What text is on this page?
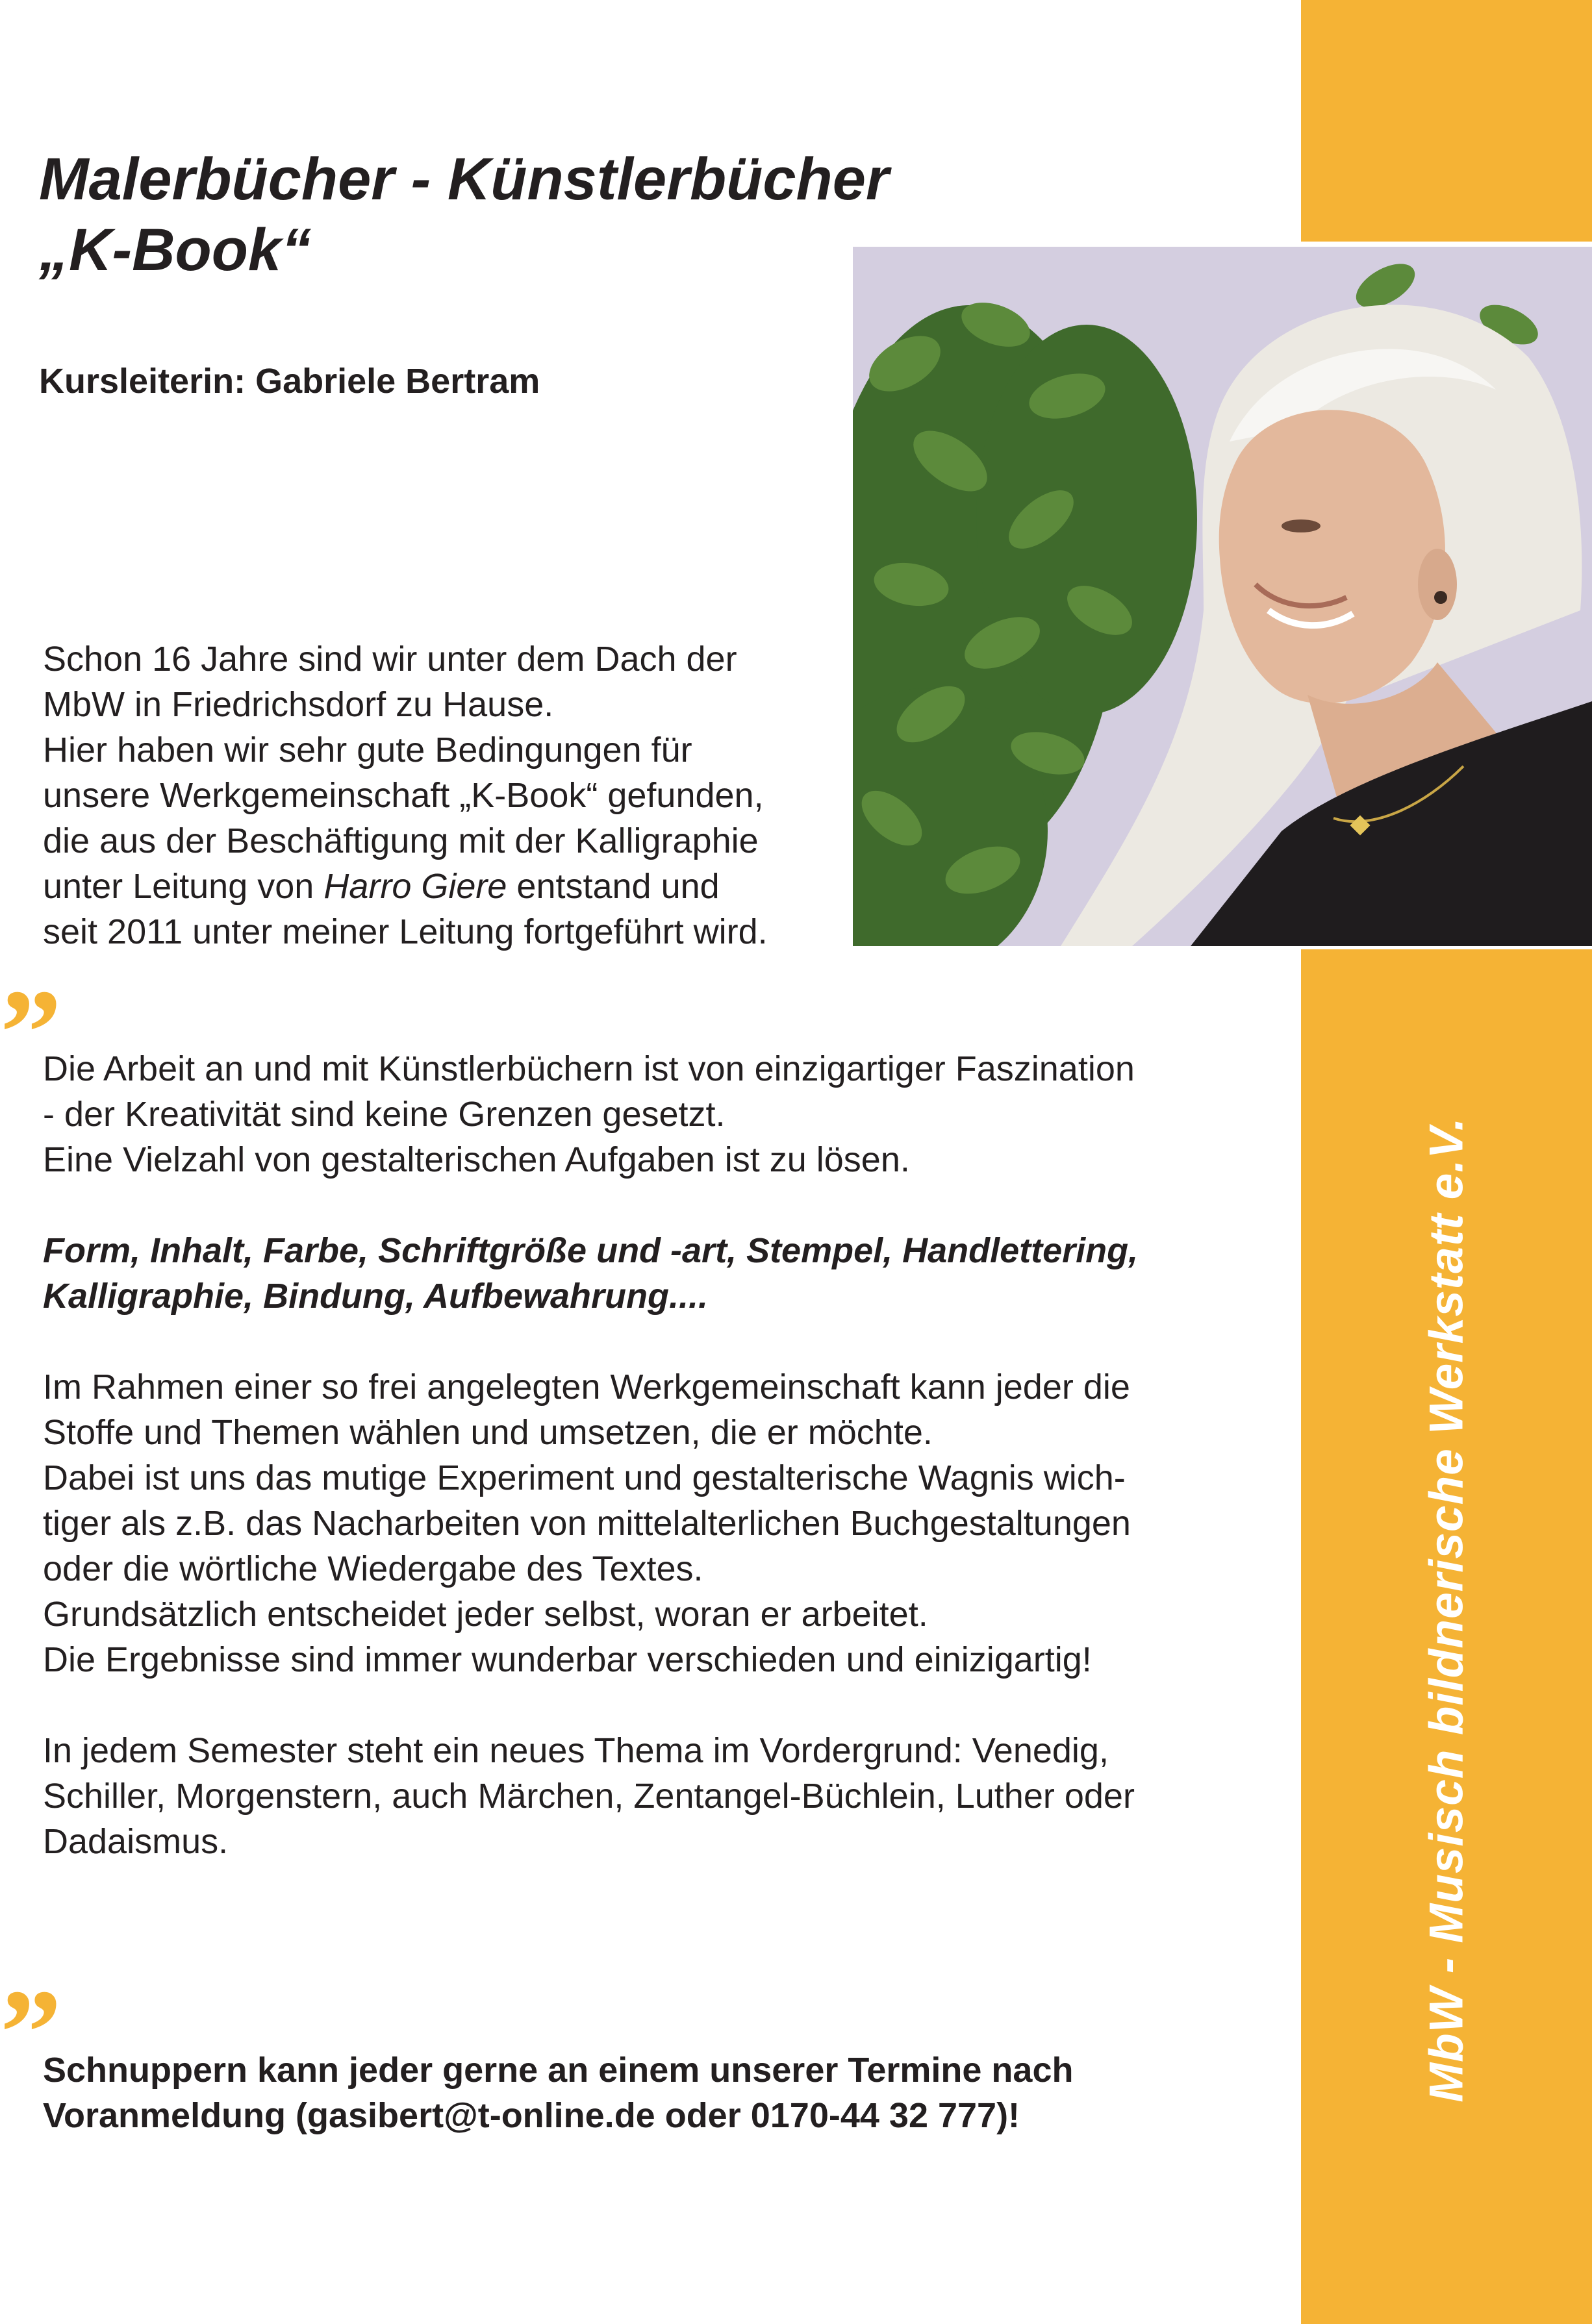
MbW - Musisch bildnerische Werkstatt e.V.
Malerbücher - Künstlerbücher
„K-Book“
Kursleiterin: Gabriele Bertram
Schon 16 Jahre sind wir unter dem Dach der
MbW in Friedrichsdorf zu Hause.
Hier haben wir sehr gute Bedingungen für
unsere Werkgemeinschaft „K-Book“ gefunden,
die aus der Beschäftigung mit der Kalligraphie
unter Leitung von Harro Giere entstand und
seit 2011 unter meiner Leitung fortgeführt wird.
”
Die Arbeit an und mit Künstlerbüchern ist von einzigartiger Faszination
- der Kreativität sind keine Grenzen gesetzt.
Eine Vielzahl von gestalterischen Aufgaben ist zu lösen.
Form, Inhalt, Farbe, Schriftgröße und -art, Stempel, Handlettering,
Kalligraphie, Bindung, Aufbewahrung....
Im Rahmen einer so frei angelegten Werkgemeinschaft kann jeder die
Stoffe und Themen wählen und umsetzen, die er möchte.
Dabei ist uns das mutige Experiment und gestalterische Wagnis wich-
tiger als z.B. das Nacharbeiten von mittelalterlichen Buchgestaltungen
oder die wörtliche Wiedergabe des Textes.
Grundsätzlich entscheidet jeder selbst, woran er arbeitet.
Die Ergebnisse sind immer wunderbar verschieden und einizigartig!
In jedem Semester steht ein neues Thema im Vordergrund: Venedig,
Schiller, Morgenstern, auch Märchen, Zentangel-Büchlein, Luther oder
Dadaismus.
”
Schnuppern kann jeder gerne an einem unserer Termine nach
Voranmeldung (gasibert@t-online.de oder 0170-44 32 777)!
